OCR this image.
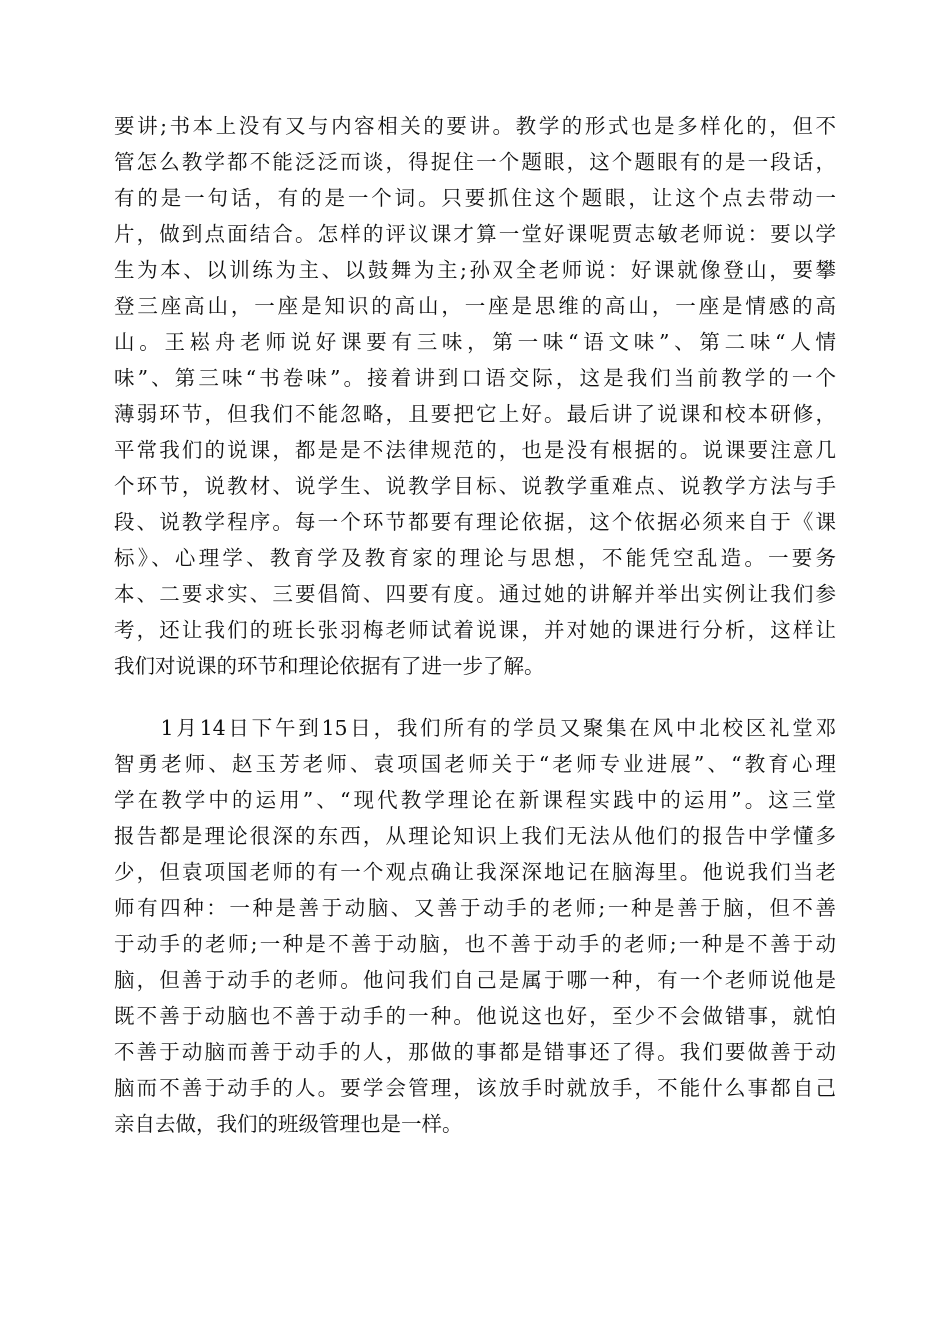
要讲;书本上没有又与内容相关的要讲。教学的形式也是多样化的，但不
管怎么教学都不能泛泛而谈，得捉住一个题眼，这个题眼有的是一段话，
有的是一句话，有的是一个词。只要抓住这个题眼，让这个点去带动一
片，做到点面结合。怎样的评议课才算一堂好课呢贾志敏老师说：要以学
生为本、以训练为主、以鼓舞为主;孙双全老师说：好课就像登山，要攀
登三座高山，一座是知识的高山，一座是思维的高山，一座是情感的高
山。王崧舟老师说好课要有三味，第一味“语文味”、第二味“人情
味”、第三味“书卷味”。接着讲到口语交际，这是我们当前教学的一个
薄弱环节，但我们不能忽略，且要把它上好。最后讲了说课和校本研修，
平常我们的说课，都是是不法律规范的，也是没有根据的。说课要注意几
个环节，说教材、说学生、说教学目标、说教学重难点、说教学方法与手
段、说教学程序。每一个环节都要有理论依据，这个依据必须来自于《课
标》、心理学、教育学及教育家的理论与思想，不能凭空乱造。一要务
本、二要求实、三要倡简、四要有度。通过她的讲解并举出实例让我们参
考，还让我们的班长张羽梅老师试着说课，并对她的课进行分析，这样让
我们对说课的环节和理论依据有了进一步了解。
　　1月14日下午到15日，我们所有的学员又聚集在风中北校区礼堂邓
智勇老师、赵玉芳老师、袁项国老师关于“老师专业进展”、“教育心理
学在教学中的运用”、“现代教学理论在新课程实践中的运用”。这三堂
报告都是理论很深的东西，从理论知识上我们无法从他们的报告中学懂多
少，但袁项国老师的有一个观点确让我深深地记在脑海里。他说我们当老
师有四种：一种是善于动脑、又善于动手的老师;一种是善于脑，但不善
于动手的老师;一种是不善于动脑，也不善于动手的老师;一种是不善于动
脑，但善于动手的老师。他问我们自己是属于哪一种，有一个老师说他是
既不善于动脑也不善于动手的一种。他说这也好，至少不会做错事，就怕
不善于动脑而善于动手的人，那做的事都是错事还了得。我们要做善于动
脑而不善于动手的人。要学会管理，该放手时就放手，不能什么事都自己
亲自去做，我们的班级管理也是一样。
